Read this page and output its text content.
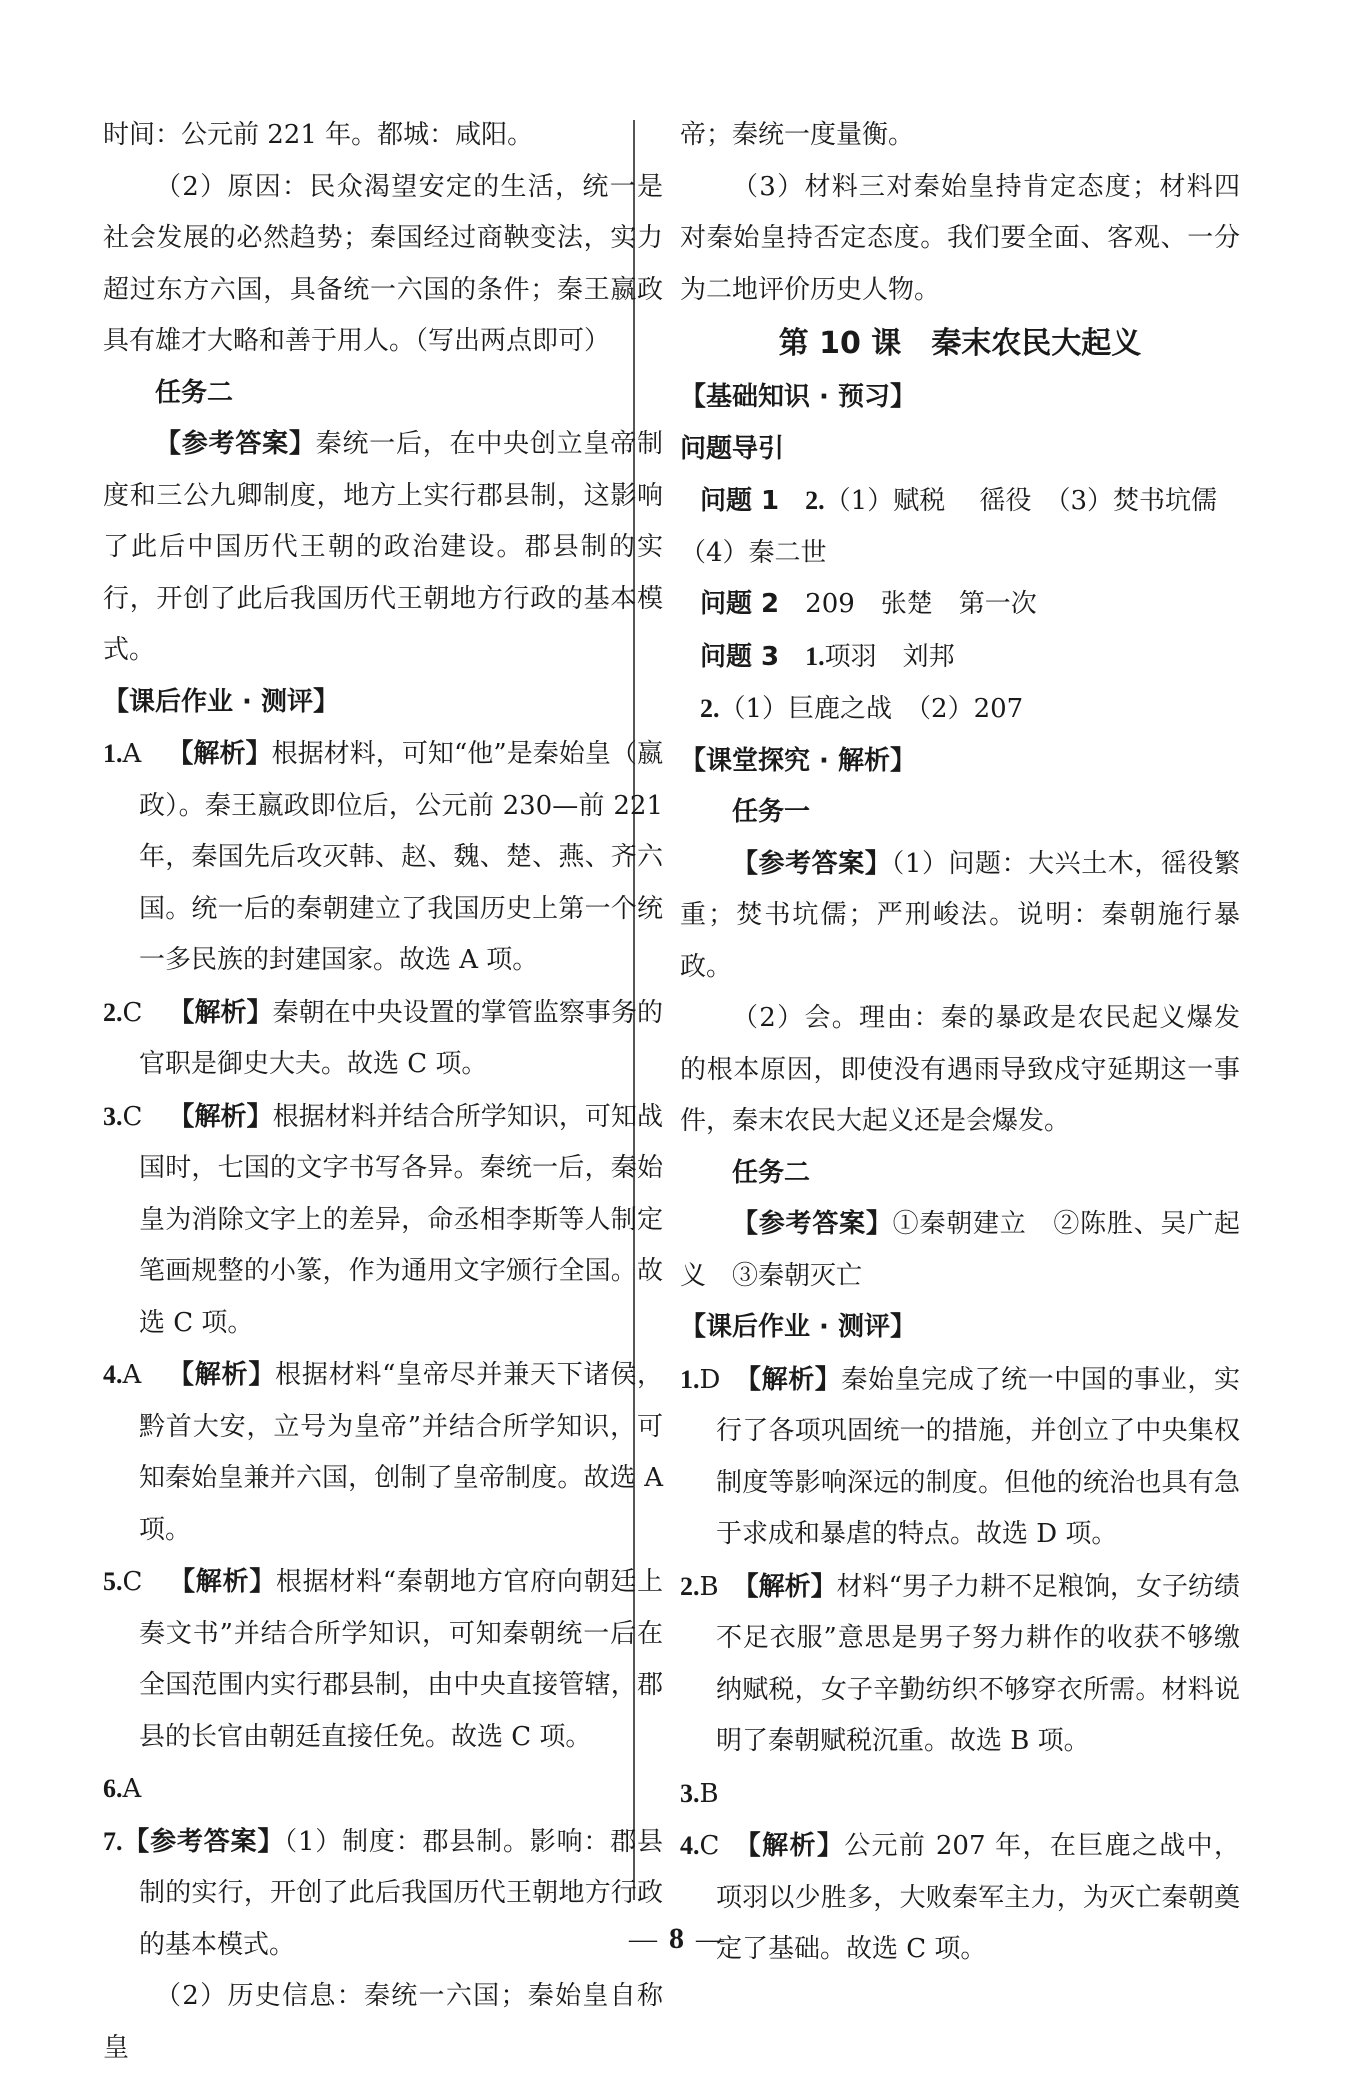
时间：公元前 221 年。都城：咸阳。

（2）原因：民众渴望安定的生活，统一是社会发展的必然趋势；秦国经过商鞅变法，实力超过东方六国，具备统一六国的条件；秦王嬴政具有雄才大略和善于用人。（写出两点即可）

任务二

【参考答案】秦统一后，在中央创立皇帝制度和三公九卿制度，地方上实行郡县制，这影响了此后中国历代王朝的政治建设。郡县制的实行，开创了此后我国历代王朝地方行政的基本模式。

【课后作业 · 测评】

1.A 【解析】根据材料，可知“他”是秦始皇（嬴政）。秦王嬴政即位后，公元前 230—前 221 年，秦国先后攻灭韩、赵、魏、楚、燕、齐六国。统一后的秦朝建立了我国历史上第一个统一多民族的封建国家。故选 A 项。

2.C 【解析】秦朝在中央设置的掌管监察事务的官职是御史大夫。故选 C 项。

3.C 【解析】根据材料并结合所学知识，可知战国时，七国的文字书写各异。秦统一后，秦始皇为消除文字上的差异，命丞相李斯等人制定笔画规整的小篆，作为通用文字颁行全国。故选 C 项。

4.A 【解析】根据材料“皇帝尽并兼天下诸侯，黔首大安，立号为皇帝”并结合所学知识，可知秦始皇兼并六国，创制了皇帝制度。故选 A 项。

5.C 【解析】根据材料“秦朝地方官府向朝廷上奏文书”并结合所学知识，可知秦朝统一后在全国范围内实行郡县制，由中央直接管辖，郡县的长官由朝廷直接任免。故选 C 项。

6.A

7.【参考答案】（1）制度：郡县制。影响：郡县制的实行，开创了此后我国历代王朝地方行政的基本模式。

（2）历史信息：秦统一六国；秦始皇自称皇

帝；秦统一度量衡。

（3）材料三对秦始皇持肯定态度；材料四对秦始皇持否定态度。我们要全面、客观、一分为二地评价历史人物。

第 10 课 秦末农民大起义

【基础知识 · 预习】

问题导引

问题 1 2.（1）赋税　 徭役　（3）焚书坑儒

（4）秦二世

问题 2 209　张楚　第一次

问题 3 1.项羽　刘邦

2.（1）巨鹿之战　（2）207

【课堂探究 · 解析】

任务一

【参考答案】（1）问题：大兴土木，徭役繁重；焚书坑儒；严刑峻法。说明：秦朝施行暴政。

（2）会。理由：秦的暴政是农民起义爆发的根本原因，即使没有遇雨导致戍守延期这一事件，秦末农民大起义还是会爆发。

任务二

【参考答案】①秦朝建立　②陈胜、吴广起义　③秦朝灭亡

【课后作业 · 测评】

1.D 【解析】秦始皇完成了统一中国的事业，实行了各项巩固统一的措施，并创立了中央集权制度等影响深远的制度。但他的统治也具有急于求成和暴虐的特点。故选 D 项。

2.B 【解析】材料“男子力耕不足粮饷，女子纺绩不足衣服”意思是男子努力耕作的收获不够缴纳赋税，女子辛勤纺织不够穿衣所需。材料说明了秦朝赋税沉重。故选 B 项。

3.B

4.C 【解析】公元前 207 年，在巨鹿之战中，项羽以少胜多，大败秦军主力，为灭亡秦朝奠定了基础。故选 C 项。

— 8 —
